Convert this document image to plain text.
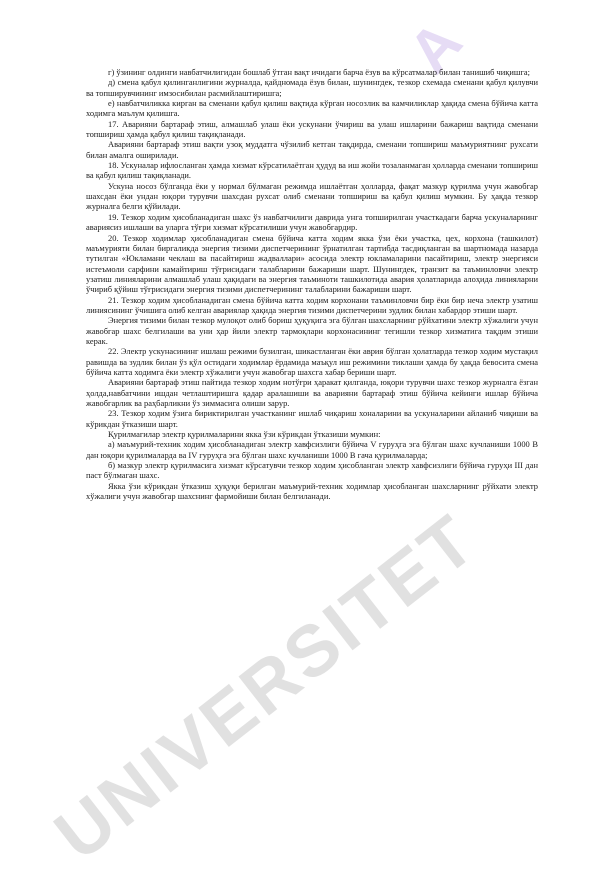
A
UNIVERSITET

г) ўзининг олдинги навбатчилигидан бошлаб ўтган вақт ичидаги барча ёзув ва кўрсатмалар билан танишиб чиқишга;

д) смена қабул қилинганлигини журналда, қайдномада ёзув билан, шунингдек, тезкор схемада сменани қабул қилувчи ва топширувчининг имзосибилан расмийлаштиришга;

е) навбатчиликка кирган ва сменани қабул қилиш вақтида кўрган носозлик ва камчиликлар ҳақида смена бўйича катта ходимга маълум қилишга.

17. Аварияни бартараф этиш, алмашлаб улаш ёки ускунани ўчириш ва улаш ишларини бажариш вақтида сменани топшириш ҳамда қабул қилиш тақиқланади.

Аварияни бартараф этиш вақти узоқ муддатга чўзилиб кетган тақдирда, сменани топшириш маъмуриятнинг рухсати билан амалга оширилади.

18. Ускуналар ифлосланган ҳамда хизмат кўрсатилаётган ҳудуд ва иш жойи тозаланмаган ҳолларда сменани топшириш ва қабул қилиш тақиқланади.

Ускуна носоз бўлганда ёки у нормал бўлмаган режимда ишлаётган ҳолларда, фақат мазкур қурилма учун жавобгар шахсдан ёки ундан юқори турувчи шахсдан рухсат олиб сменани топшириш ва қабул қилиш мумкин. Бу ҳақда тезкор журналга белги қўйилади.

19. Тезкор ходим ҳисобланадиган шахс ўз навбатчилиги даврида унга топширилган участкадаги барча ускуналарнинг авариясиз ишлаши ва уларга тўғри хизмат кўрсатилиши учун жавобгардир.

20. Тезкор ходимлар ҳисобланадиган смена бўйича катта ходим якка ўзи ёки участка, цех, корхона (ташкилот) маъмурияти билан биргаликда энергия тизими диспетчерининг ўрнатилган тартибда тасдиқланган ва шартномада назарда тутилган «Юкламани чеклаш ва пасайтириш жадваллари» асосида электр юкламаларини пасайтириш, электр энергияси истеъмоли сарфини камайтириш тўғрисидаги талабларини бажариши шарт. Шунингдек, транзит ва таъминловчи электр узатиш линияларини алмашлаб улаш ҳақидаги ва энергия таъминоти ташкилотида авария ҳолатларида алоҳида линияларни ўчириб қўйиш тўғрисидаги энергия тизими диспетчерининг талабларини бажариши шарт.

21. Тезкор ходим ҳисобланадиган смена бўйича катта ходим корхонани таъминловчи бир ёки бир неча электр узатиш линиясининг ўчишига олиб келган авариялар ҳақида энергия тизими диспетчерини зудлик билан хабардор этиши шарт.

Энергия тизими билан тезкор мулоқот олиб бориш ҳуқуқига эга бўлган шахсларнинг рўйхатини электр хўжалиги учун жавобгар шахс белгилаши ва уни ҳар йили электр тармоқлари корхонасининг тегишли тезкор хизматига тақдим этиши керак.

22. Электр ускунасининг ишлаш режими бузилган, шикастланган ёки аврия бўлган ҳолатларда тезкор ходим мустақил равишда ва зудлик билан ўз қўл остидаги ходимлар ёрдамида маъқул иш режимини тиклаши ҳамда бу ҳақда бевосита смена бўйича катта ходимга ёки электр хўжалиги учун жавобгар шахсга хабар бериши шарт.

Аварияни бартараф этиш пайтида тезкор ходим нотўғри ҳаракат қилганда, юқори турувчи шахс тезкор журналга ёзган ҳолда,навбатчини ишдан четлаштиришга қадар аралашиши ва аварияни бартараф этиш бўйича кейинги ишлар бўйича жавобгарлик ва раҳбарликни ўз зиммасига олиши зарур.

23. Тезкор ходим ўзига бириктирилган участканинг ишлаб чиқариш хоналарини ва ускуналарини айланиб чиқиши ва кўрикдан ўтказиши шарт.

Қурилмагилар электр қурилмаларини якка ўзи кўрикдан ўтказиши мумкин:

а) маъмурий-техник ходим ҳисобланадиган электр хавфсизлиги бўйича V гуруҳга эга бўлган шахс кучланиши 1000 В дан юқори қурилмаларда ва IV гуруҳга эга бўлган шахс кучланиши 1000 В гача қурилмаларда;

б) мазкур электр қурилмасига хизмат кўрсатувчи тезкор ходим ҳисобланган электр хавфсизлиги бўйича гуруҳи III дан паст бўлмаган шахс.

Якка ўзи кўрикдан ўтказиш ҳуқуқи берилган маъмурий-техник ходимлар ҳисобланган шахсларнинг рўйхати электр хўжалиги учун жавобгар шахснинг фармойиши билан белгиланади.
